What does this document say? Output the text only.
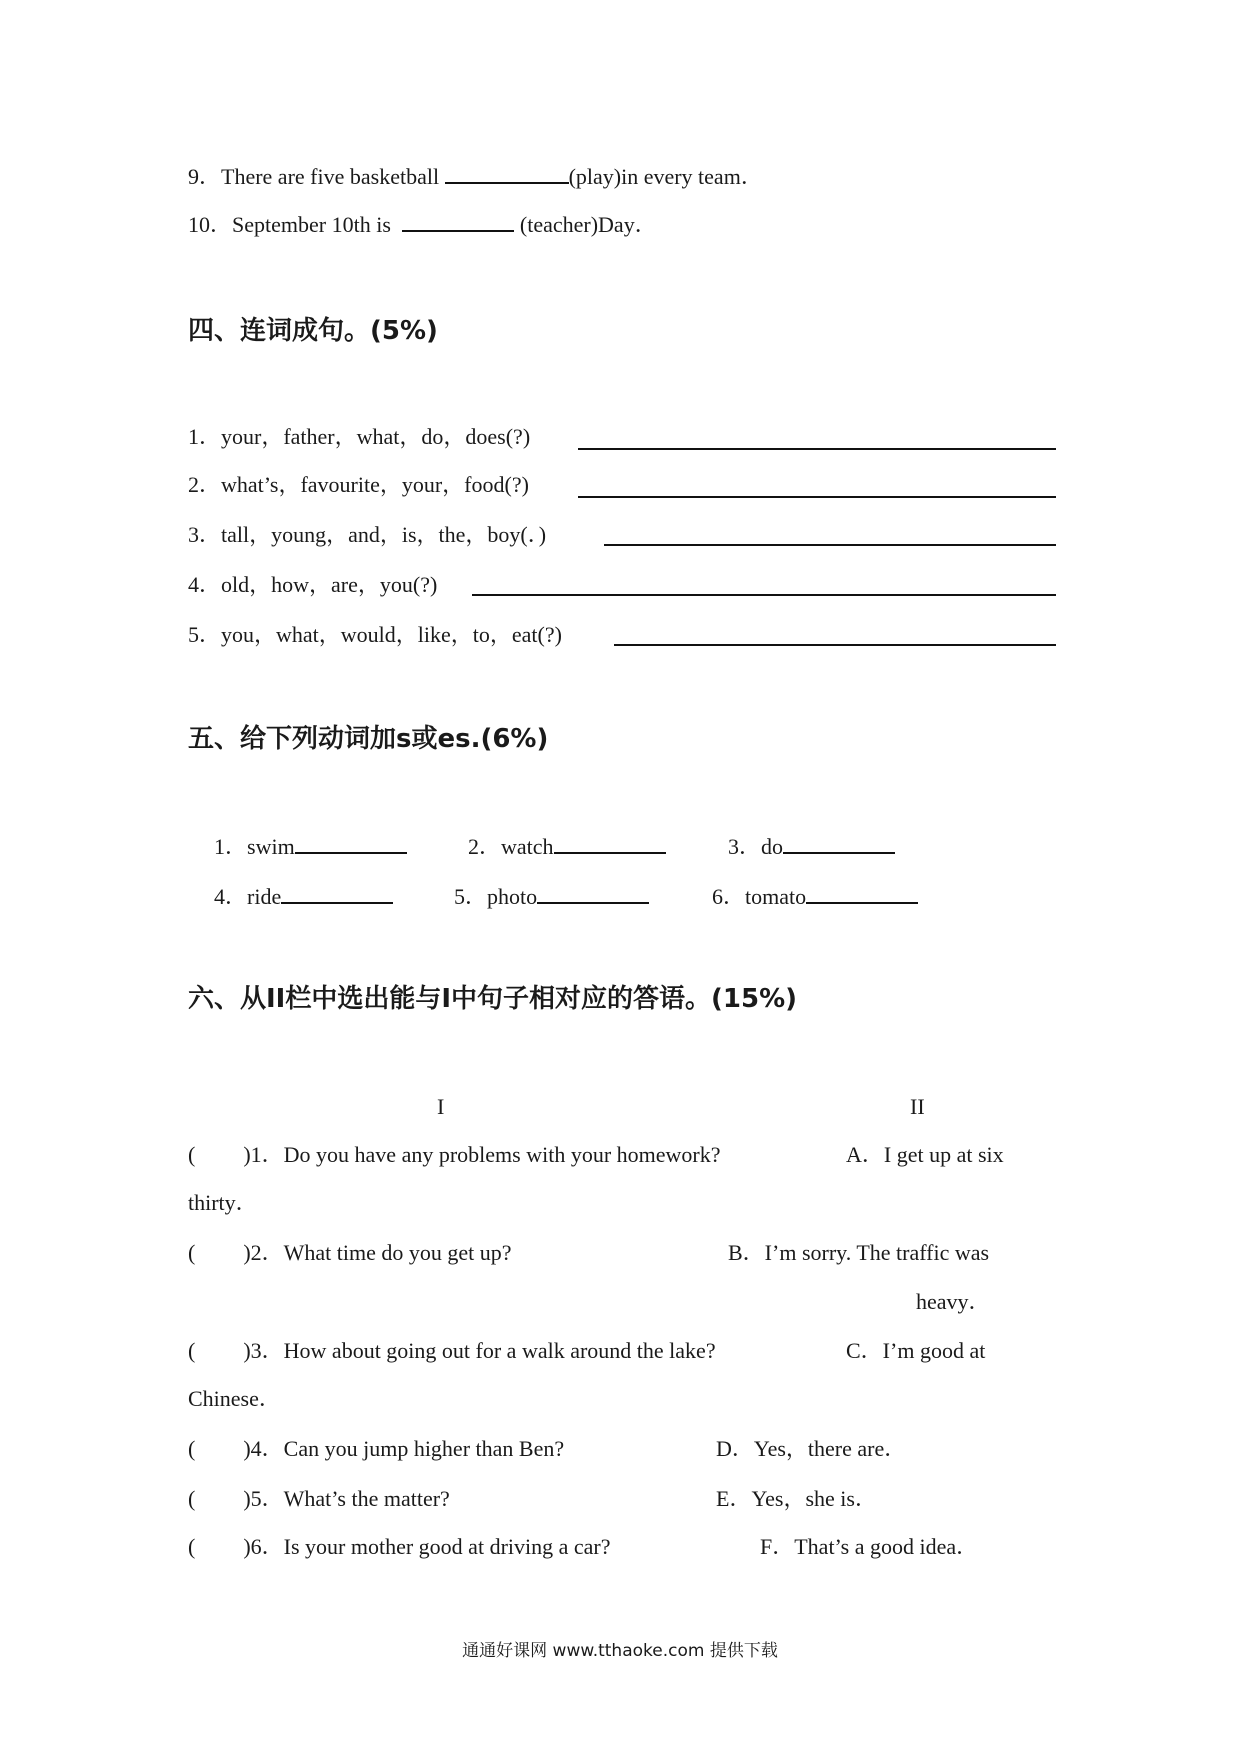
9．There are five basketball	(play)in every team．
10．September 10th is	(teacher)Day．
四、连词成句。(5%)
1．your，father，what，do，does(?)
2．what’s，favourite，your，food(?)
3．tall，young，and，is，the，boy(．)
4．old，how，are，you(?)
5．you，what，would，like，to，eat(?)
五、给下列动词加s或es.(6%)
1．swim	2．watch	3．do
4．ride	5．photo	6．tomato
六、从II栏中选出能与I中句子相对应的答语。(15%)
I	II
( )1．Do you have any problems with your homework?	A．I get up at six
thirty．
( )2．What time do you get up?	B．I’m sorry. The traffic was
heavy．
( )3．How about going out for a walk around the lake?	C．I’m good at
Chinese．
( )4．Can you jump higher than Ben?	D．Yes，there are．
( )5．What’s the matter?	E．Yes，she is．
( )6．Is your mother good at driving a car?	F．That’s a good idea．
通通好课网 www.tthaoke.com 提供下载
